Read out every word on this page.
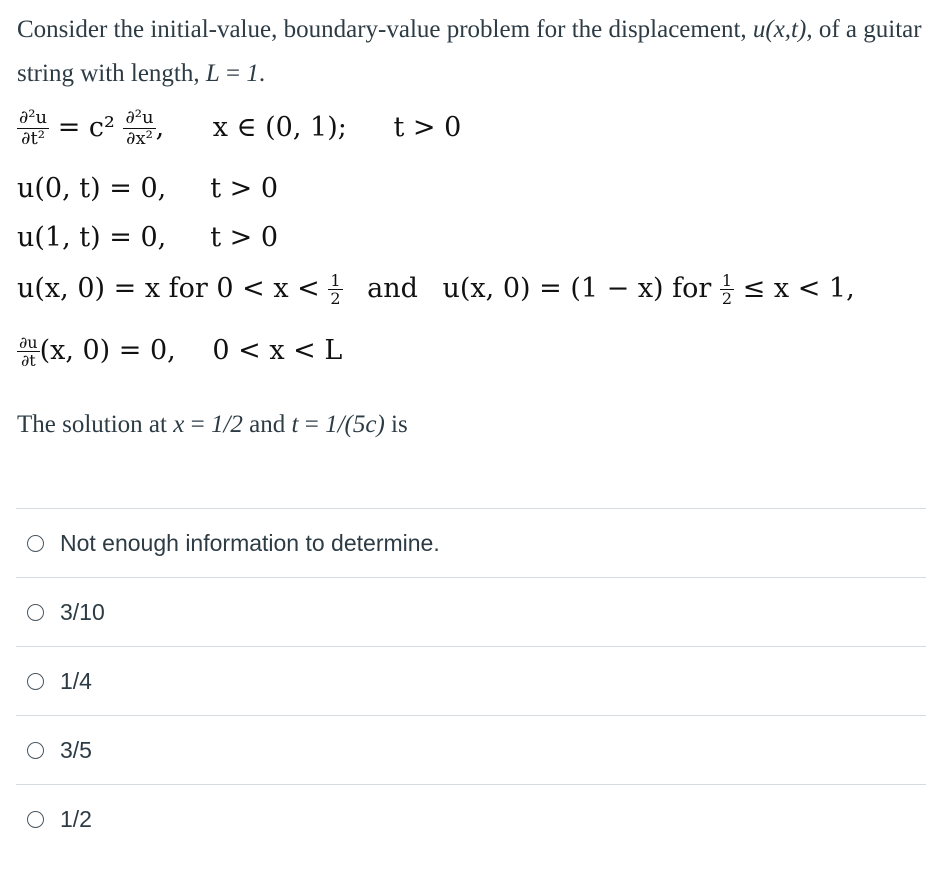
Consider the initial-value, boundary-value problem for the displacement, u(x,t), of a guitar string with length, L = 1.
$\frac{\text{∂²u}}{\text{∂t²}} = c^2 \frac{\text{∂²u}}{\text{∂x²}}$ , x ∈ (0, 1); t > 0
u(0, t) = 0, t > 0
u(1, t) = 0, t > 0
u(x, 0) = x for $0 < x < \frac{1}{2}$ and u(x, 0) = (1 − x) for $\frac{1}{2} \le x < 1$,
$\frac{\partial u}{\partial t} (x$, 0) = 0, 0 < x < L
The solution at x = 1/2 and t = 1/(5c) is
Not enough information to determine.
3/10
1/4
3/5
1/2
